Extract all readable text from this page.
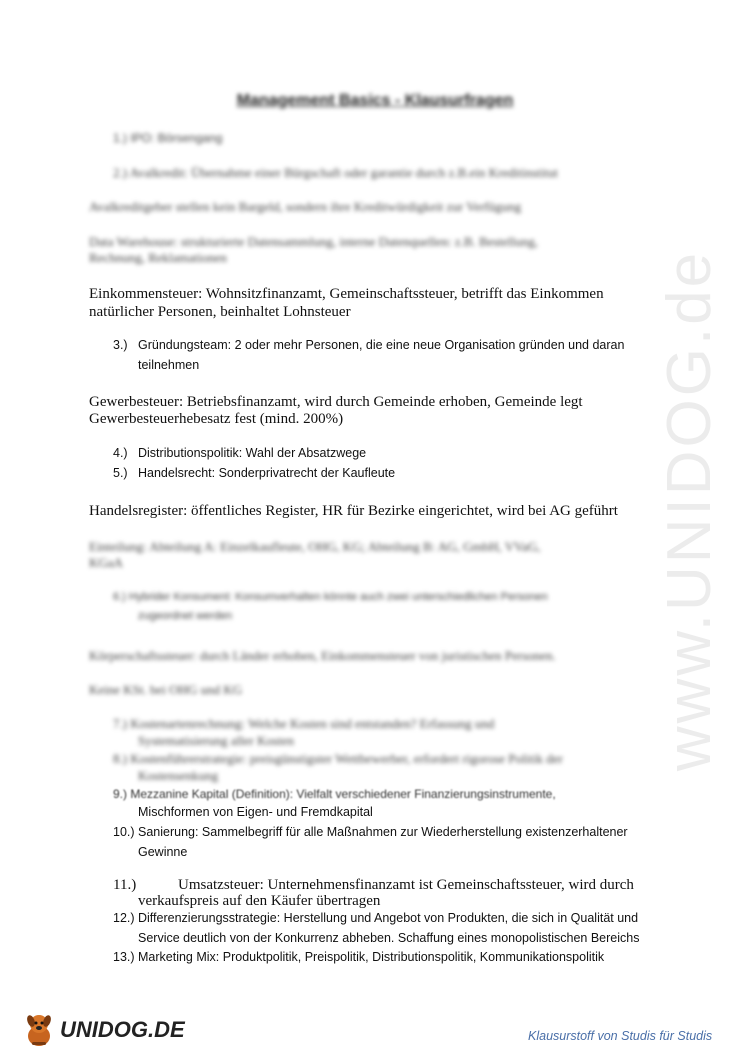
www.UNIDOG.de
Management Basics - Klausurfragen
1.) IPO: Börsengang
2.) Avalkredit: Übernahme einer Bürgschaft oder garantie durch z.B.ein Kreditinstitut
Avalkreditgeber stellen kein Bargeld, sondern ihre Kreditwürdigkeit zur Verfügung
Data Warehouse: strukturierte Datensammlung, interne Datenquellen: z.B. Bestellung,
Rechnung, Reklamationen
Einkommensteuer: Wohnsitzfinanzamt, Gemeinschaftssteuer, betrifft das Einkommen
natürlicher Personen, beinhaltet Lohnsteuer
3.) Gründungsteam: 2 oder mehr Personen, die eine neue Organisation gründen und daran
teilnehmen
Gewerbesteuer: Betriebsfinanzamt, wird durch Gemeinde erhoben, Gemeinde legt
Gewerbesteuerhebesatz fest (mind. 200%)
4.) Distributionspolitik: Wahl der Absatzwege
5.) Handelsrecht: Sonderprivatrecht der Kaufleute
Handelsregister: öffentliches Register, HR für Bezirke eingerichtet, wird bei AG geführt
Einteilung: Abteilung A: Einzelkaufleute, OHG, KG; Abteilung B: AG, GmbH, VVaG,
KGaA
6.) Hybrider Konsument: Konsumverhalten könnte auch zwei unterschiedlichen Personen
zugeordnet werden
Körperschaftssteuer: durch Länder erhoben, Einkommensteuer von juristischen Personen.
Keine KSt. bei OHG und KG
7.) Kostenartenrechnung: Welche Kosten sind entstanden? Erfassung und
Systematisierung aller Kosten
8.) Kostenführerstrategie: preisgünstigster Wettbewerber, erfordert rigorose Politik der
Kostensenkung
9.) Mezzanine Kapital (Definition): Vielfalt verschiedener Finanzierungsinstrumente,
Mischformen von Eigen- und Fremdkapital
10.) Sanierung: Sammelbegriff für alle Maßnahmen zur Wiederherstellung existenzerhaltener
Gewinne
11.)	Umsatzsteuer: Unternehmensfinanzamt ist Gemeinschaftssteuer, wird durch
verkaufspreis auf den Käufer übertragen
12.) Differenzierungsstrategie: Herstellung und Angebot von Produkten, die sich in Qualität und
Service deutlich von der Konkurrenz abheben. Schaffung eines monopolistischen Bereichs
13.) Marketing Mix: Produktpolitik, Preispolitik, Distributionspolitik, Kommunikationspolitik
UNIDOG.DE	Klausurstoff von Studis für Studis
